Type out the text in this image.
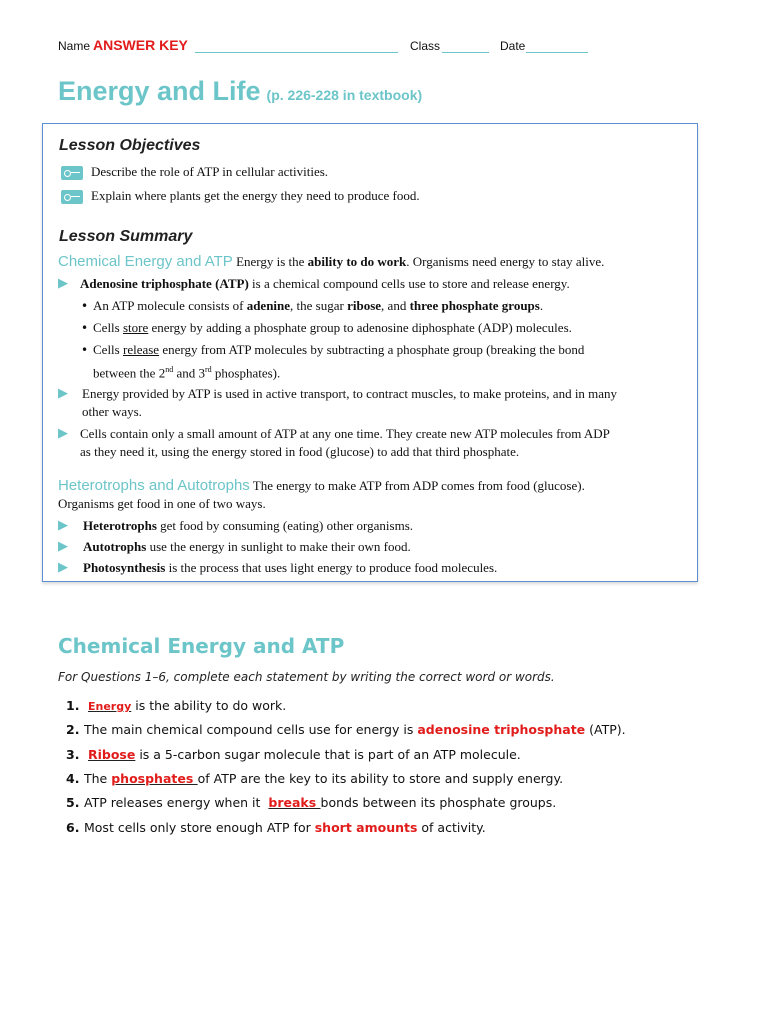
Name ANSWER KEY	Class	Date
Energy and Life (p. 226-228 in textbook)
Lesson Objectives
Describe the role of ATP in cellular activities.
Explain where plants get the energy they need to produce food.
Lesson Summary
Chemical Energy and ATP Energy is the ability to do work. Organisms need energy to stay alive.
▶ Adenosine triphosphate (ATP) is a chemical compound cells use to store and release energy.
• An ATP molecule consists of adenine, the sugar ribose, and three phosphate groups.
• Cells store energy by adding a phosphate group to adenosine diphosphate (ADP) molecules.
• Cells release energy from ATP molecules by subtracting a phosphate group (breaking the bond
between the 2nd and 3rd phosphates).
▶ Energy provided by ATP is used in active transport, to contract muscles, to make proteins, and in many
other ways.
▶ Cells contain only a small amount of ATP at any one time. They create new ATP molecules from ADP
as they need it, using the energy stored in food (glucose) to add that third phosphate.
Heterotrophs and Autotrophs The energy to make ATP from ADP comes from food (glucose).
Organisms get food in one of two ways.
▶ Heterotrophs get food by consuming (eating) other organisms.
▶ Autotrophs use the energy in sunlight to make their own food.
▶ Photosynthesis is the process that uses light energy to produce food molecules.
Chemical Energy and ATP
For Questions 1–6, complete each statement by writing the correct word or words.
1. Energy is the ability to do work.
2. The main chemical compound cells use for energy is adenosine triphosphate (ATP).
3. Ribose is a 5-carbon sugar molecule that is part of an ATP molecule.
4. The phosphates of ATP are the key to its ability to store and supply energy.
5. ATP releases energy when it  breaks bonds between its phosphate groups.
6. Most cells only store enough ATP for short amounts of activity.
